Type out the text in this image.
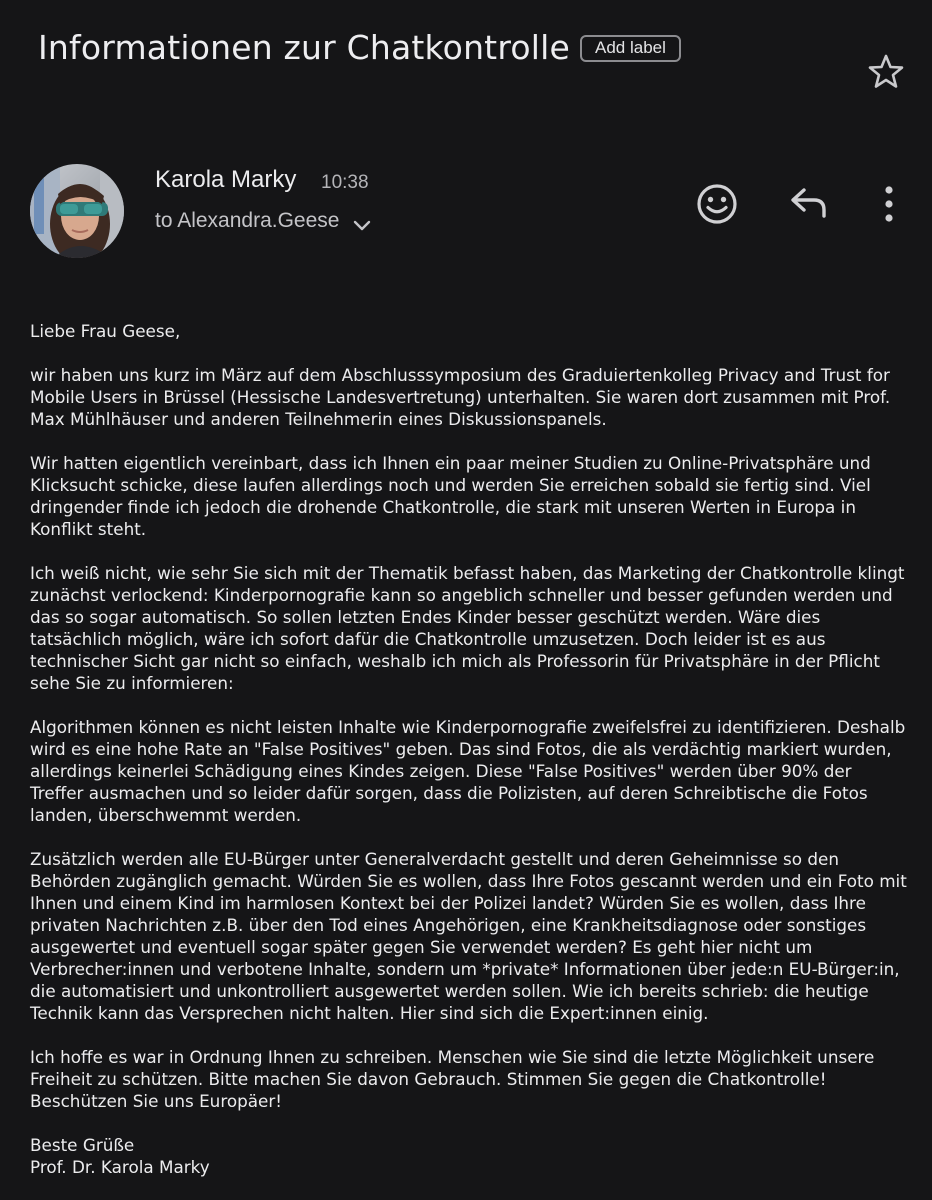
Informationen zur Chatkontrolle	Add label
Karola Marky 10:38
to Alexandra.Geese

Liebe Frau Geese,

wir haben uns kurz im März auf dem Abschlusssymposium des Graduiertenkolleg Privacy and Trust for Mobile Users in Brüssel (Hessische Landesvertretung) unterhalten. Sie waren dort zusammen mit Prof. Max Mühlhäuser und anderen Teilnehmerin eines Diskussionspanels.

Wir hatten eigentlich vereinbart, dass ich Ihnen ein paar meiner Studien zu Online-Privatsphäre und Klicksucht schicke, diese laufen allerdings noch und werden Sie erreichen sobald sie fertig sind. Viel dringender finde ich jedoch die drohende Chatkontrolle, die stark mit unseren Werten in Europa in Konflikt steht.

Ich weiß nicht, wie sehr Sie sich mit der Thematik befasst haben, das Marketing der Chatkontrolle klingt zunächst verlockend: Kinderpornografie kann so angeblich schneller und besser gefunden werden und das so sogar automatisch. So sollen letzten Endes Kinder besser geschützt werden. Wäre dies tatsächlich möglich, wäre ich sofort dafür die Chatkontrolle umzusetzen. Doch leider ist es aus technischer Sicht gar nicht so einfach, weshalb ich mich als Professorin für Privatsphäre in der Pflicht sehe Sie zu informieren:

Algorithmen können es nicht leisten Inhalte wie Kinderpornografie zweifelsfrei zu identifizieren. Deshalb wird es eine hohe Rate an "False Positives" geben. Das sind Fotos, die als verdächtig markiert wurden, allerdings keinerlei Schädigung eines Kindes zeigen. Diese "False Positives" werden über 90% der Treffer ausmachen und so leider dafür sorgen, dass die Polizisten, auf deren Schreibtische die Fotos landen, überschwemmt werden.

Zusätzlich werden alle EU-Bürger unter Generalverdacht gestellt und deren Geheimnisse so den Behörden zugänglich gemacht. Würden Sie es wollen, dass Ihre Fotos gescannt werden und ein Foto mit Ihnen und einem Kind im harmlosen Kontext bei der Polizei landet? Würden Sie es wollen, dass Ihre privaten Nachrichten z.B. über den Tod eines Angehörigen, eine Krankheitsdiagnose oder sonstiges ausgewertet und eventuell sogar später gegen Sie verwendet werden? Es geht hier nicht um Verbrecher:innen und verbotene Inhalte, sondern um *private* Informationen über jede:n EU-Bürger:in, die automatisiert und unkontrolliert ausgewertet werden sollen. Wie ich bereits schrieb: die heutige Technik kann das Versprechen nicht halten. Hier sind sich die Expert:innen einig.

Ich hoffe es war in Ordnung Ihnen zu schreiben. Menschen wie Sie sind die letzte Möglichkeit unsere Freiheit zu schützen. Bitte machen Sie davon Gebrauch. Stimmen Sie gegen die Chatkontrolle! Beschützen Sie uns Europäer!

Beste Grüße

Prof. Dr. Karola Marky
